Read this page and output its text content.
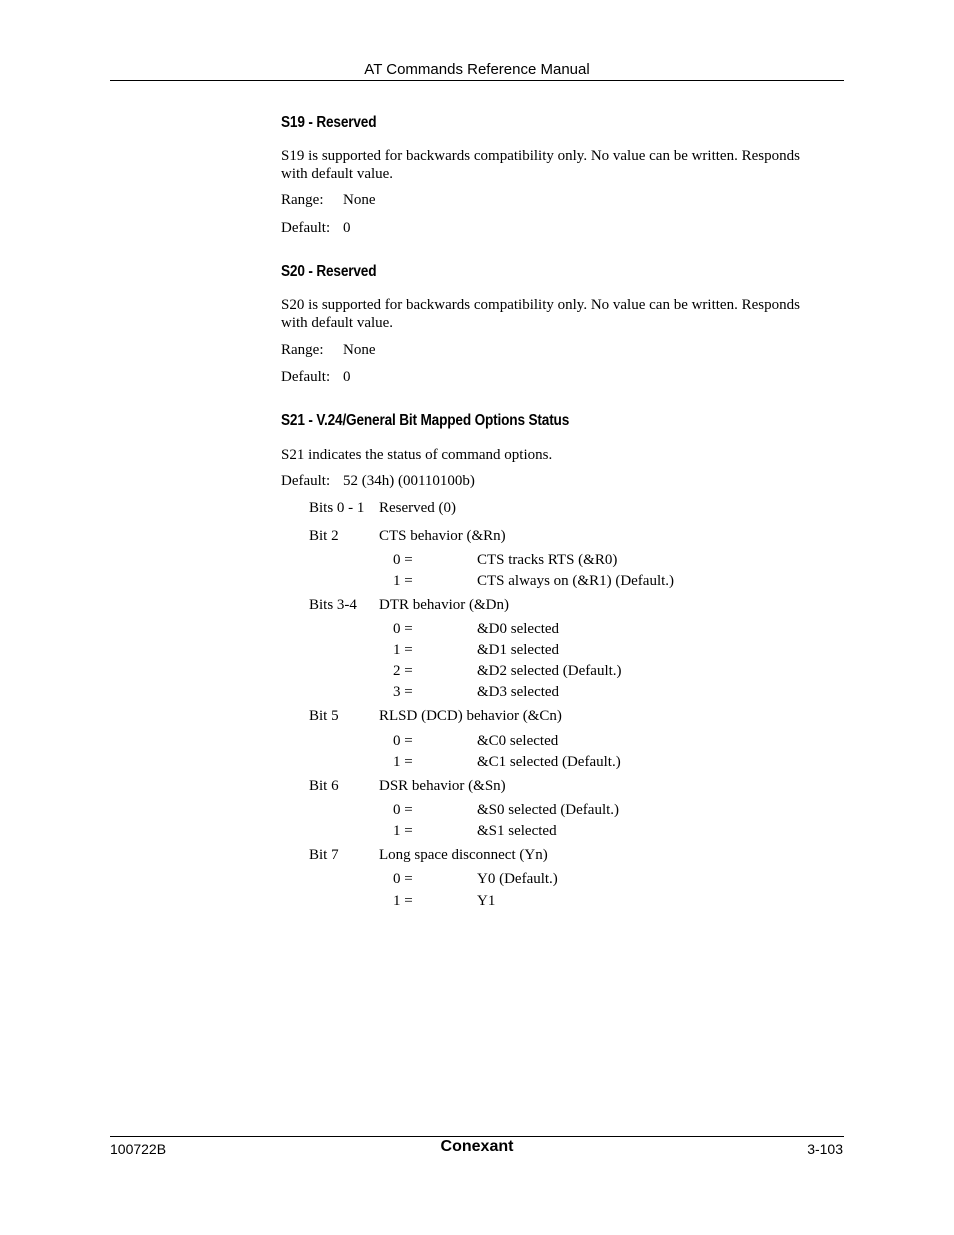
AT Commands Reference Manual
S19 - Reserved
S19 is supported for backwards compatibility only. No value can be written. Responds
with default value.
Range: None
Default: 0
S20 - Reserved
S20 is supported for backwards compatibility only. No value can be written. Responds
with default value.
Range: None
Default: 0
S21 - V.24/General Bit Mapped Options Status
S21 indicates the status of command options.
Default: 52 (34h) (00110100b)
Bits 0 - 1 Reserved (0)
Bit 2	CTS behavior (&Rn)
0 =	CTS tracks RTS (&R0)
1 =	CTS always on (&R1) (Default.)
Bits 3-4 DTR behavior (&Dn)
0 =	&D0 selected
1 =	&D1 selected
2 =	&D2 selected (Default.)
3 =	&D3 selected
Bit 5	RLSD (DCD) behavior (&Cn)
0 =	&C0 selected
1 =	&C1 selected (Default.)
Bit 6	DSR behavior (&Sn)
0 =	&S0 selected (Default.)
1 =	&S1 selected
Bit 7	Long space disconnect (Yn)
0 =	Y0 (Default.)
1 =	Y1
100722B	Conexant	3-103
